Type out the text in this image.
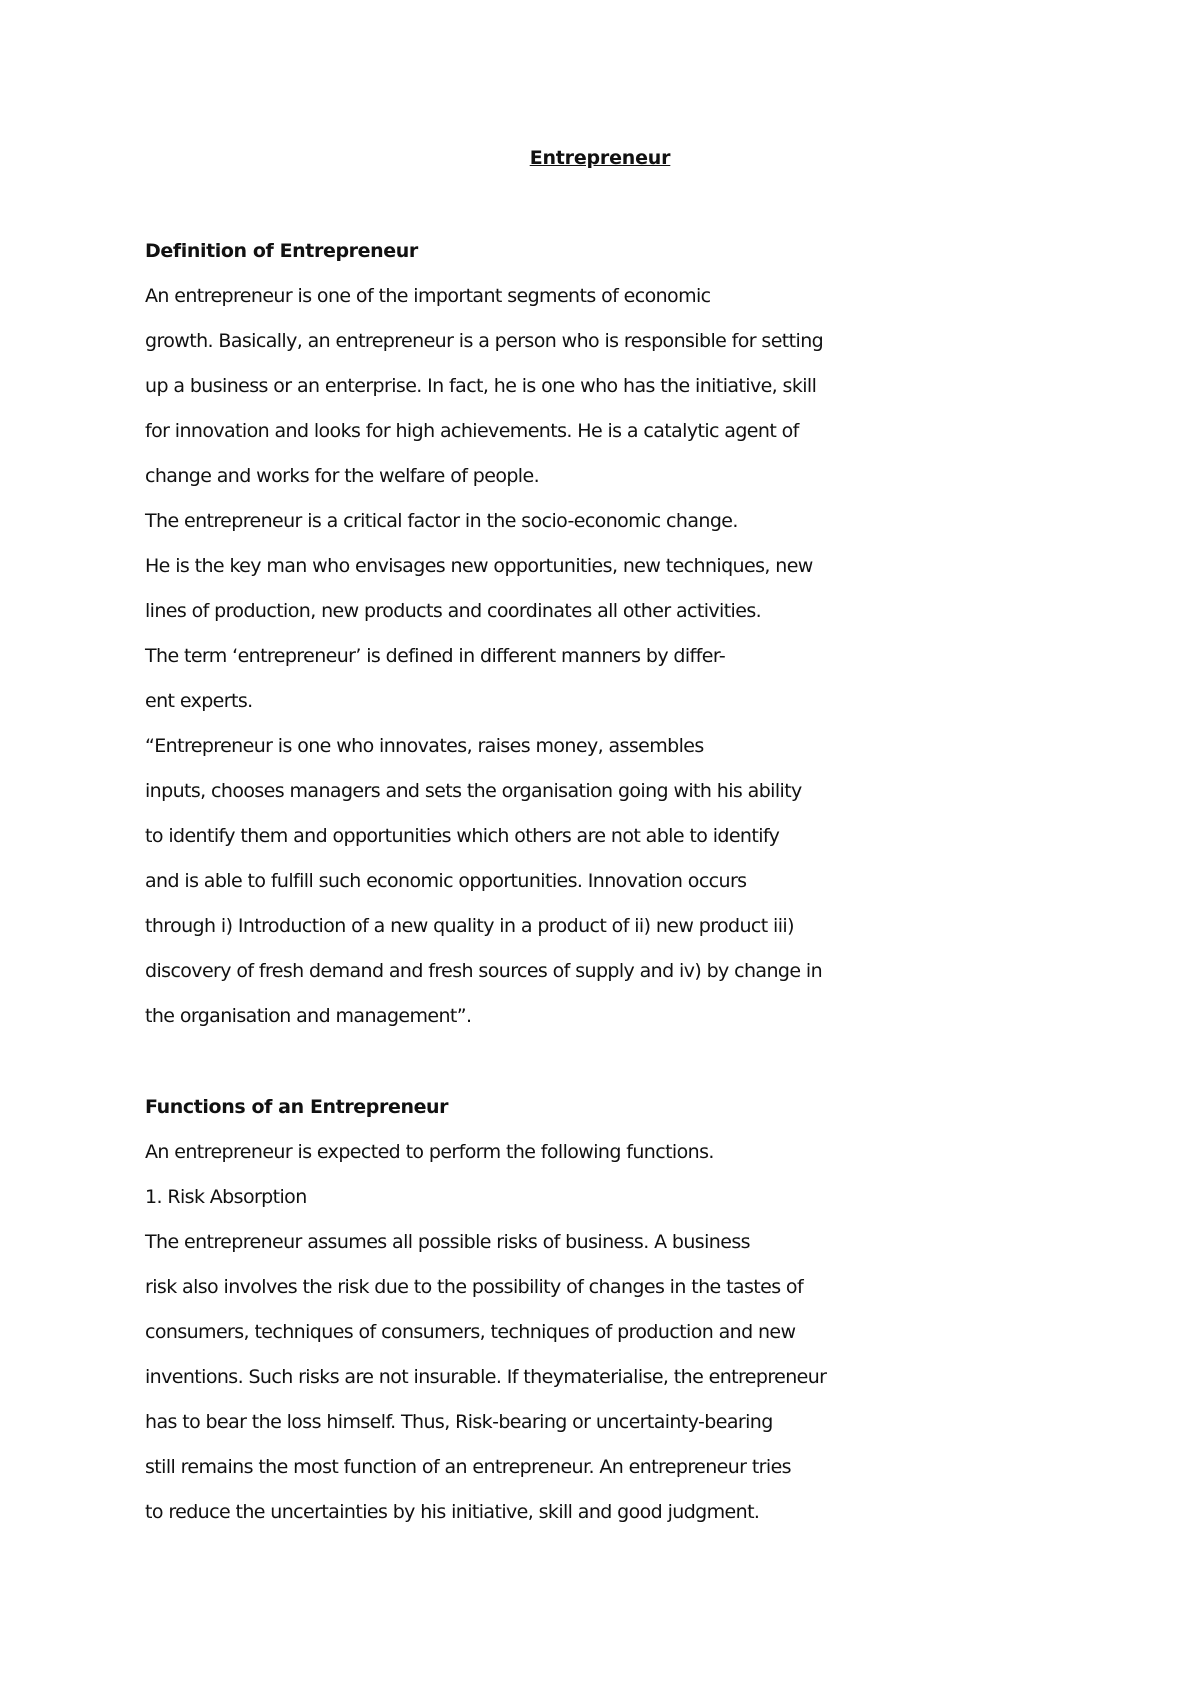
Entrepreneur
Definition of Entrepreneur
An entrepreneur is one of the important segments of economic
growth. Basically, an entrepreneur is a person who is responsible for setting
up a business or an enterprise. In fact, he is one who has the initiative, skill
for innovation and looks for high achievements. He is a catalytic agent of
change and works for the welfare of people.
The entrepreneur is a critical factor in the socio-economic change.
He is the key man who envisages new opportunities, new techniques, new
lines of production, new products and coordinates all other activities.
The term ‘entrepreneur’ is defined in different manners by differ-
ent experts.
“Entrepreneur is one who innovates, raises money, assembles
inputs, chooses managers and sets the organisation going with his ability
to identify them and opportunities which others are not able to identify
and is able to fulfill such economic opportunities. Innovation occurs
through i) Introduction of a new quality in a product of ii) new product iii)
discovery of fresh demand and fresh sources of supply and iv) by change in
the organisation and management”.
Functions of an Entrepreneur
An entrepreneur is expected to perform the following functions.
1. Risk Absorption
The entrepreneur assumes all possible risks of business. A business
risk also involves the risk due to the possibility of changes in the tastes of
consumers, techniques of consumers, techniques of production and new
inventions. Such risks are not insurable. If theymaterialise, the entrepreneur
has to bear the loss himself. Thus, Risk-bearing or uncertainty-bearing
still remains the most function of an entrepreneur. An entrepreneur tries
to reduce the uncertainties by his initiative, skill and good judgment.
